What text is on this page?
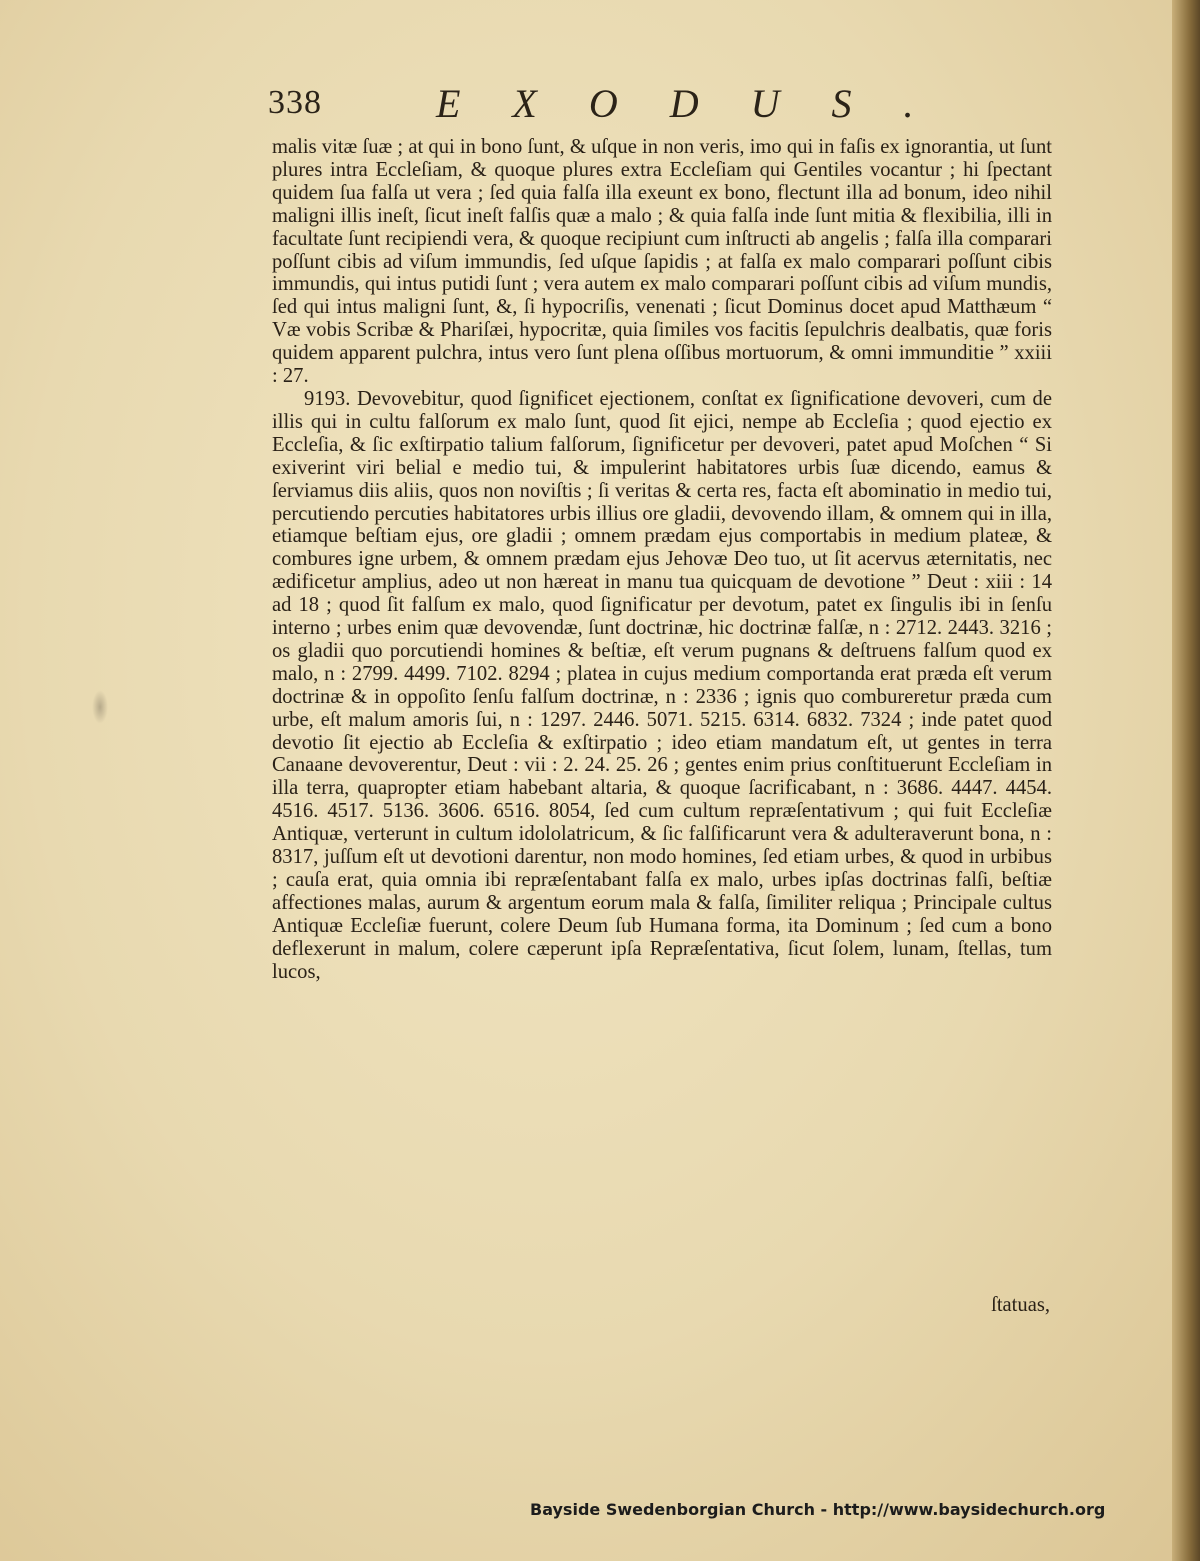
338	EXODUS.

malis vitæ ſuæ ; at qui in bono ſunt, & uſque in non veris, imo qui in faſis ex ignorantia, ut ſunt plures intra Eccleſiam, & quoque plures extra Eccleſiam qui Gentiles vocantur ; hi ſpectant quidem ſua falſa ut vera ; ſed quia falſa illa exeunt ex bono, flectunt illa ad bonum, ideo nihil maligni illis ineſt, ſicut ineſt falſis quæ a malo ; & quia falſa inde ſunt mitia & flexibilia, illi in facultate ſunt recipiendi vera, & quoque recipiunt cum inſtructi ab angelis ; falſa illa comparari poſſunt cibis ad viſum immundis, ſed uſque ſapidis ; at falſa ex malo comparari poſſunt cibis immundis, qui intus putidi ſunt ; vera autem ex malo comparari poſſunt cibis ad viſum mundis, ſed qui intus maligni ſunt, &, ſi hypocriſis, venenati ; ſicut Dominus docet apud Matthæum “ Væ vobis Scribæ & Phariſæi, hypocritæ, quia ſimiles vos facitis ſepulchris dealbatis, quæ foris quidem apparent pulchra, intus vero ſunt plena oſſibus mortuorum, & omni immunditie ” xxiii : 27.

9193. Devovebitur, quod ſignificet ejectionem, conſtat ex ſignificatione devoveri, cum de illis qui in cultu falſorum ex malo ſunt, quod ſit ejici, nempe ab Eccleſia ; quod ejectio ex Eccleſia, & ſic exſtirpatio talium falſorum, ſignificetur per devoveri, patet apud Moſchen “ Si exiverint viri belial e medio tui, & impulerint habitatores urbis ſuæ dicendo, eamus & ſerviamus diis aliis, quos non noviſtis ; ſi veritas & certa res, facta eſt abominatio in medio tui, percutiendo percuties habitatores urbis illius ore gladii, devovendo illam, & omnem qui in illa, etiamque beſtiam ejus, ore gladii ; omnem prædam ejus comportabis in medium plateæ, & combures igne urbem, & omnem prædam ejus Jehovæ Deo tuo, ut ſit acervus æternitatis, nec ædificetur amplius, adeo ut non hæreat in manu tua quicquam de devotione ” Deut : xiii : 14 ad 18 ; quod ſit falſum ex malo, quod ſignificatur per devotum, patet ex ſingulis ibi in ſenſu interno ; urbes enim quæ devovendæ, ſunt doctrinæ, hic doctrinæ falſæ, n : 2712. 2443. 3216 ; os gladii quo porcutiendi homines & beſtiæ, eſt verum pugnans & deſtruens falſum quod ex malo, n : 2799. 4499. 7102. 8294 ; platea in cujus medium comportanda erat præda eſt verum doctrinæ & in oppoſito ſenſu falſum doctrinæ, n : 2336 ; ignis quo combureretur præda cum urbe, eſt malum amoris ſui, n : 1297. 2446. 5071. 5215. 6314. 6832. 7324 ; inde patet quod devotio ſit ejectio ab Eccleſia & exſtirpatio ; ideo etiam mandatum eſt, ut gentes in terra Canaane devoverentur, Deut : vii : 2. 24. 25. 26 ; gentes enim prius conſtituerunt Eccleſiam in illa terra, quapropter etiam habebant altaria, & quoque ſacrificabant, n : 3686. 4447. 4454. 4516. 4517. 5136. 3606. 6516. 8054, ſed cum cultum repræſentativum ; qui fuit Eccleſiæ Antiquæ, verterunt in cultum idololatricum, & ſic falſificarunt vera & adulteraverunt bona, n : 8317, juſſum eſt ut devotioni darentur, non modo homines, ſed etiam urbes, & quod in urbibus ; cauſa erat, quia omnia ibi repræſentabant falſa ex malo, urbes ipſas doctrinas falſi, beſtiæ affectiones malas, aurum & argentum eorum mala & falſa, ſimiliter reliqua ; Principale cultus Antiquæ Eccleſiæ fuerunt, colere Deum ſub Humana forma, ita Dominum ; ſed cum a bono deflexerunt in malum, colere cæperunt ipſa Repræſentativa, ſicut ſolem, lunam, ſtellas, tum lucos,

ſtatuas,
Bayside Swedenborgian Church - http://www.baysidechurch.org
